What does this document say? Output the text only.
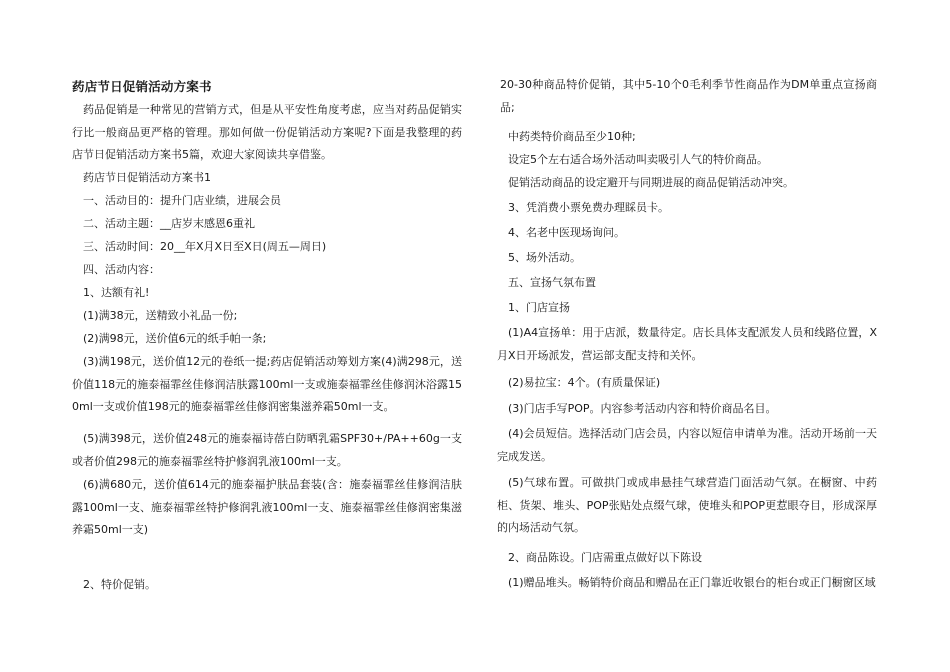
药店节日促销活动方案书

药品促销是一种常见的营销方式，但是从平安性角度考虑，应当对药品促销实行比一般商品更严格的管理。那如何做一份促销活动方案呢?下面是我整理的药店节日促销活动方案书5篇，欢迎大家阅读共享借鉴。

药店节日促销活动方案书1

一、活动目的：提升门店业绩，进展会员

二、活动主题：__店岁末感恩6重礼

三、活动时间：20__年X月X日至X日(周五—周日)

四、活动内容：

1、达额有礼!

(1)满38元，送精致小礼品一份;

(2)满98元，送价值6元的纸手帕一条;

(3)满198元，送价值12元的卷纸一提;药店促销活动筹划方案(4)满298元，送价值118元的施泰福霏丝佳修润洁肤露100ml一支或施泰福霏丝佳修润沐浴露150ml一支或价值198元的施泰福霏丝佳修润密集滋养霜50ml一支。

(5)满398元，送价值248元的施泰福诗蓓白防晒乳霜SPF30+/PA++60g一支或者价值298元的施泰福霏丝特护修润乳液100ml一支。

(6)满680元，送价值614元的施泰福护肤品套装(含：施泰福霏丝佳修润洁肤露100ml一支、施泰福霏丝特护修润乳液100ml一支、施泰福霏丝佳修润密集滋养霜50ml一支)

2、特价促销。

20-30种商品特价促销，其中5-10个0毛利季节性商品作为DM单重点宣扬商品;

中药类特价商品至少10种;

设定5个左右适合场外活动叫卖吸引人气的特价商品。

促销活动商品的设定避开与同期进展的商品促销活动冲突。

3、凭消费小票免费办理睬员卡。

4、名老中医现场询问。

5、场外活动。

五、宣扬气氛布置

1、门店宣扬

(1)A4宣扬单：用于店派，数量待定。店长具体支配派发人员和线路位置，X月X日开场派发，营运部支配支持和关怀。

(2)易拉宝：4个。(有质量保证)

(3)门店手写POP。内容参考活动内容和特价商品名目。

(4)会员短信。选择活动门店会员，内容以短信申请单为准。活动开场前一天完成发送。

(5)气球布置。可做拱门或成串悬挂气球营造门面活动气氛。在橱窗、中药柜、货架、堆头、POP张贴处点缀气球，使堆头和POP更惹眼夺目，形成深厚的内场活动气氛。

2、商品陈设。门店需重点做好以下陈设

(1)赠品堆头。畅销特价商品和赠品在正门靠近收银台的柜台或正门橱窗区域
